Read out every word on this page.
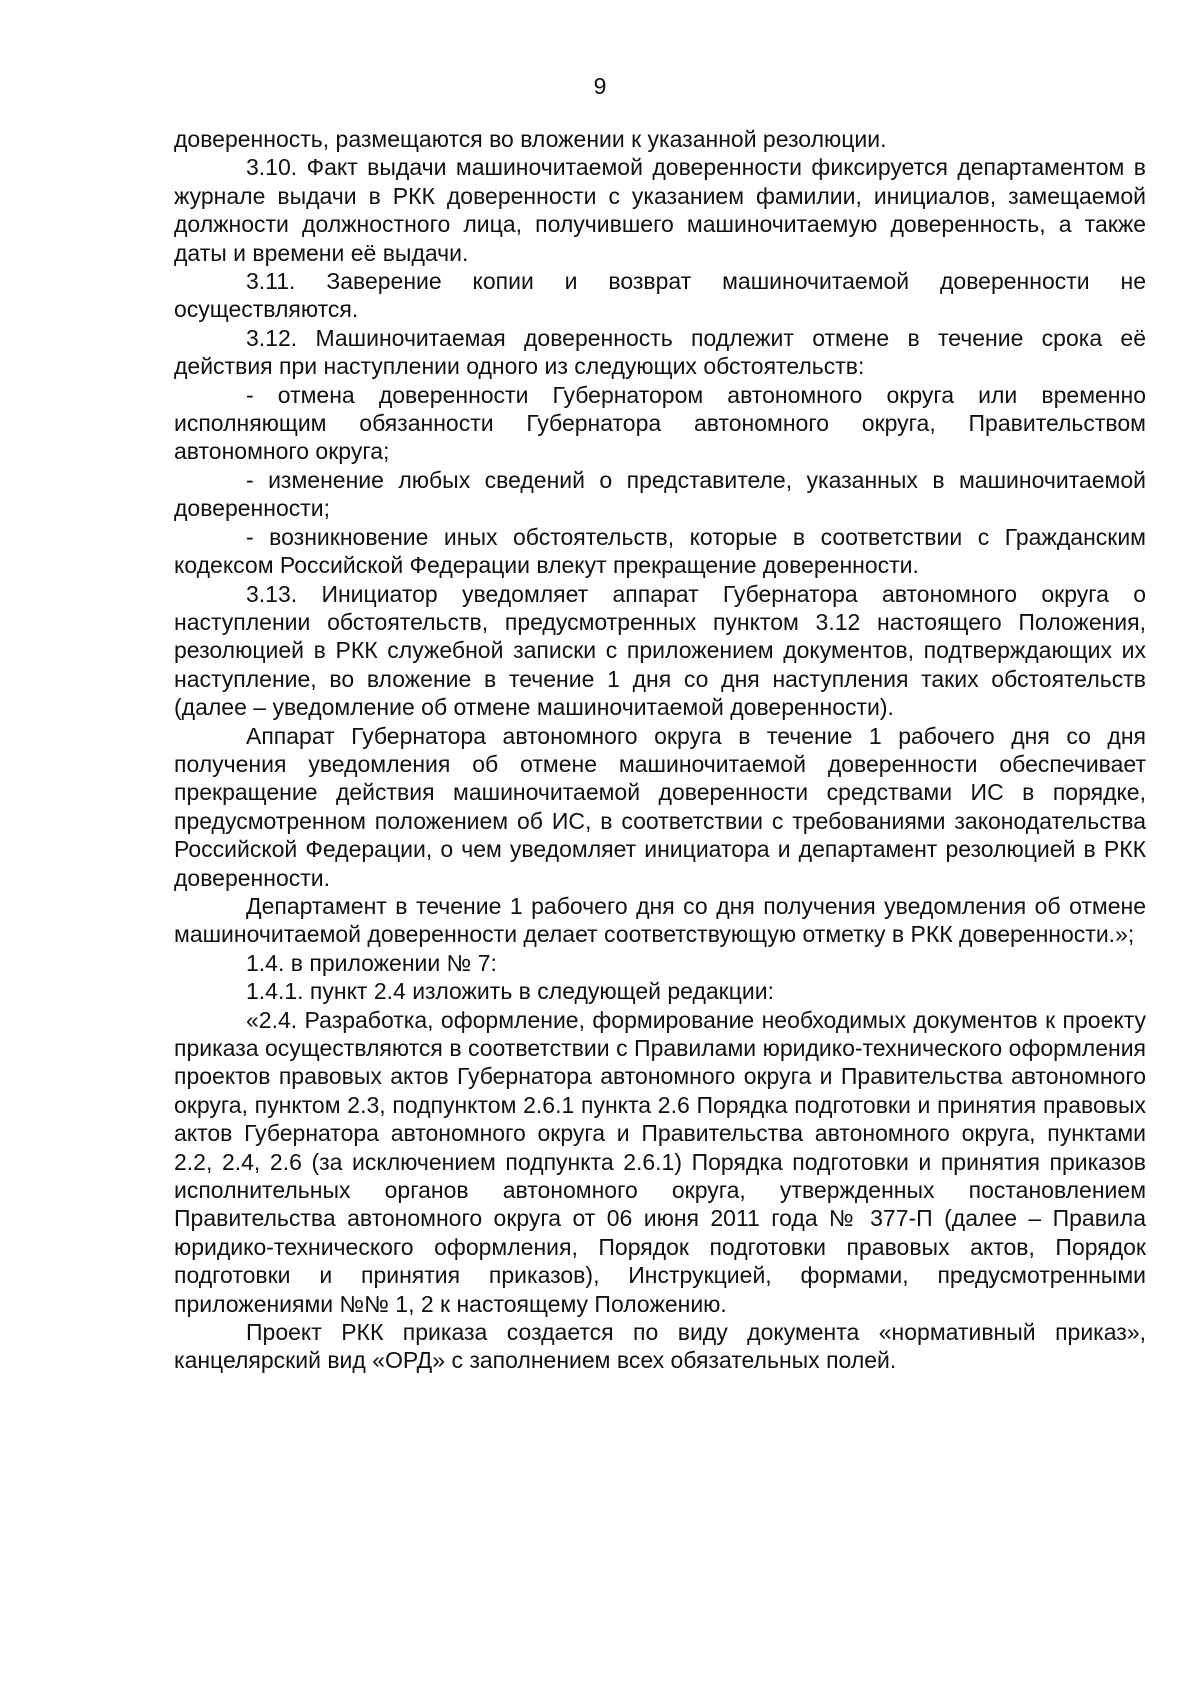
9

доверенность, размещаются во вложении к указанной резолюции.

3.10. Факт выдачи машиночитаемой доверенности фиксируется департаментом в журнале выдачи в РКК доверенности с указанием фамилии, инициалов, замещаемой должности должностного лица, получившего машиночитаемую доверенность, а также даты и времени её выдачи.

3.11. Заверение копии и возврат машиночитаемой доверенности не осуществляются.

3.12. Машиночитаемая доверенность подлежит отмене в течение срока её действия при наступлении одного из следующих обстоятельств:

- отмена доверенности Губернатором автономного округа или временно исполняющим обязанности Губернатора автономного округа, Правительством автономного округа;

- изменение любых сведений о представителе, указанных в машиночитаемой доверенности;

- возникновение иных обстоятельств, которые в соответствии с Гражданским кодексом Российской Федерации влекут прекращение доверенности.

3.13. Инициатор уведомляет аппарат Губернатора автономного округа о наступлении обстоятельств, предусмотренных пунктом 3.12 настоящего Положения, резолюцией в РКК служебной записки с приложением документов, подтверждающих их наступление, во вложение в течение 1 дня со дня наступления таких обстоятельств (далее – уведомление об отмене машиночитаемой доверенности).

Аппарат Губернатора автономного округа в течение 1 рабочего дня со дня получения уведомления об отмене машиночитаемой доверенности обеспечивает прекращение действия машиночитаемой доверенности средствами ИС в порядке, предусмотренном положением об ИС, в соответствии с требованиями законодательства Российской Федерации, о чем уведомляет инициатора и департамент резолюцией в РКК доверенности.

Департамент в течение 1 рабочего дня со дня получения уведомления об отмене машиночитаемой доверенности делает соответствующую отметку в РКК доверенности.»;

1.4. в приложении № 7:

1.4.1. пункт 2.4 изложить в следующей редакции:

«2.4. Разработка, оформление, формирование необходимых документов к проекту приказа осуществляются в соответствии с Правилами юридико-технического оформления проектов правовых актов Губернатора автономного округа и Правительства автономного округа, пунктом 2.3, подпунктом 2.6.1 пункта 2.6 Порядка подготовки и принятия правовых актов Губернатора автономного округа и Правительства автономного округа, пунктами 2.2, 2.4, 2.6 (за исключением подпункта 2.6.1) Порядка подготовки и принятия приказов исполнительных органов автономного округа, утвержденных постановлением Правительства автономного округа от 06 июня 2011 года № 377-П (далее – Правила юридико-технического оформления, Порядок подготовки правовых актов, Порядок подготовки и принятия приказов), Инструкцией, формами, предусмотренными приложениями №№ 1, 2 к настоящему Положению.

Проект РКК приказа создается по виду документа «нормативный приказ», канцелярский вид «ОРД» с заполнением всех обязательных полей.
